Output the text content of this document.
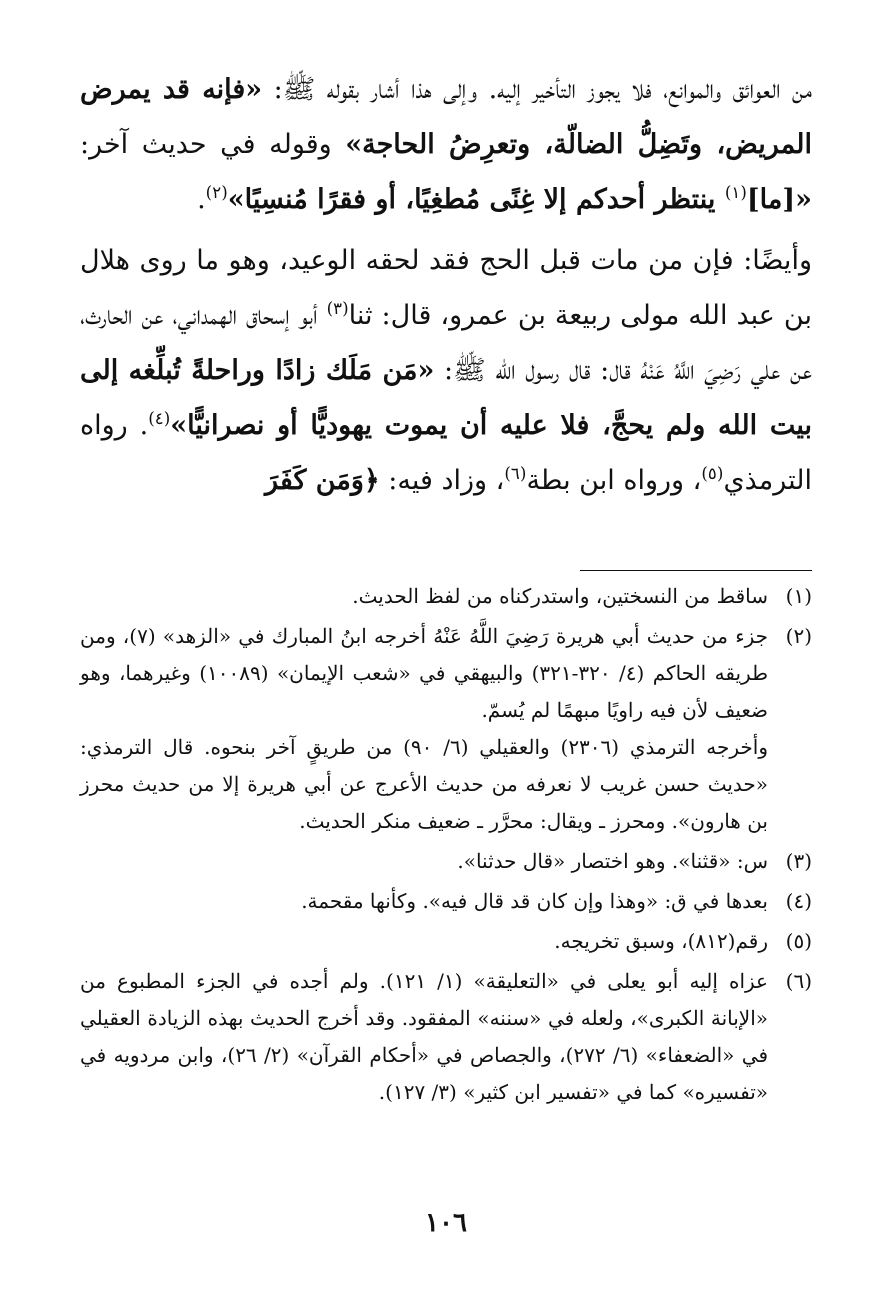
من العوائق والموانع، فلا يجوز التأخير إليه. وإلى هذا أشار بقوله ﷺ: «فإنه قد يمرض المريض، وتَضِلُّ الضالّة، وتعرِضُ الحاجة» وقوله في حديث آخر: «[ما]$^{(١)}$ ينتظر أحدكم إلا غِنًى مُطغِيًا، أو فقرًا مُنسِيًا»$^{(٢)}$.

وأيضًا: فإن من مات قبل الحج فقد لحقه الوعيد، وهو ما روى هلال بن عبد الله مولى ربيعة بن عمرو، قال: ثنا$^{(٣)}$ أبو إسحاق الهمداني، عن الحارث، عن علي رَضِيَ اللَّهُ عَنْهُ قال: قال رسول الله ﷺ: «مَن مَلَك زادًا وراحلةً تُبلِّغه إلى بيت الله ولم يحجَّ، فلا عليه أن يموت يهوديًّا أو نصرانيًّا»$^{(٤)}$. رواه الترمذي$^{(٥)}$، ورواه ابن بطة$^{(٦)}$، وزاد فيه: ﴿وَمَن كَفَرَ

(١)
ساقط من النسختين، واستدركناه من لفظ الحديث.
(٢)
جزء من حديث أبي هريرة رَضِيَ اللَّهُ عَنْهُ أخرجه ابنُ المبارك في «الزهد» (٧)، ومن طريقه الحاكم (٤/ ٣٢٠-٣٢١) والبيهقي في «شعب الإيمان» (١٠٠٨٩) وغيرهما، وهو ضعيف لأن فيه راويًا مبهمًا لم يُسمّ.
وأخرجه الترمذي (٢٣٠٦) والعقيلي (٦/ ٩٠) من طريقٍ آخر بنحوه. قال الترمذي: «حديث حسن غريب لا نعرفه من حديث الأعرج عن أبي هريرة إلا من حديث محرز بن هارون». ومحرز ـ ويقال: محرَّر ـ ضعيف منكر الحديث.
(٣)
س: «قثنا». وهو اختصار «قال حدثنا».
(٤)
بعدها في ق: «وهذا وإن كان قد قال فيه». وكأنها مقحمة.
(٥)
رقم(٨١٢)، وسبق تخريجه.
(٦)
عزاه إليه أبو يعلى في «التعليقة» (١/ ١٢١). ولم أجده في الجزء المطبوع من «الإبانة الكبرى»، ولعله في «سننه» المفقود. وقد أخرج الحديث بهذه الزيادة العقيلي في «الضعفاء» (٦/ ٢٧٢)، والجصاص في «أحكام القرآن» (٢/ ٢٦)، وابن مردويه في «تفسيره» كما في «تفسير ابن كثير» (٣/ ١٢٧).
١٠٦
